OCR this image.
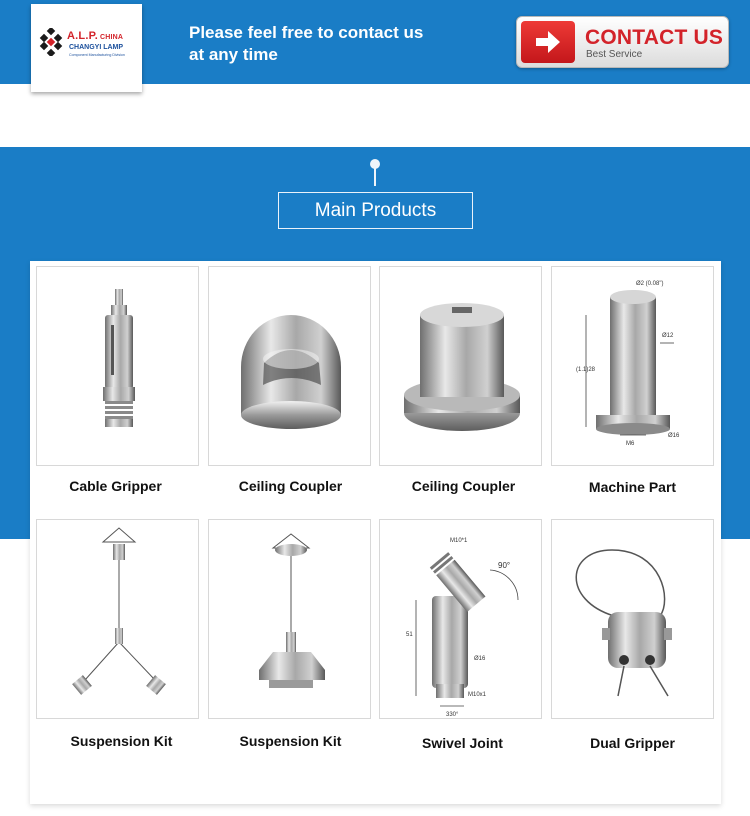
A.L.P. CHINA
CHANGYI LAMP
Component Manufacturing Division
Please feel free to contact us
at any time
CONTACT US
Best Service
Main Products
Cable Gripper	Ceiling Coupler	Ceiling Coupler
Ø2 (0.08")
Ø12
(1.1)28
M6
Ø16
Machine Part
Suspension Kit	Suspension Kit
M10*1
90°
51
Ø16
M10x1
330°
Swivel Joint	Dual Gripper
